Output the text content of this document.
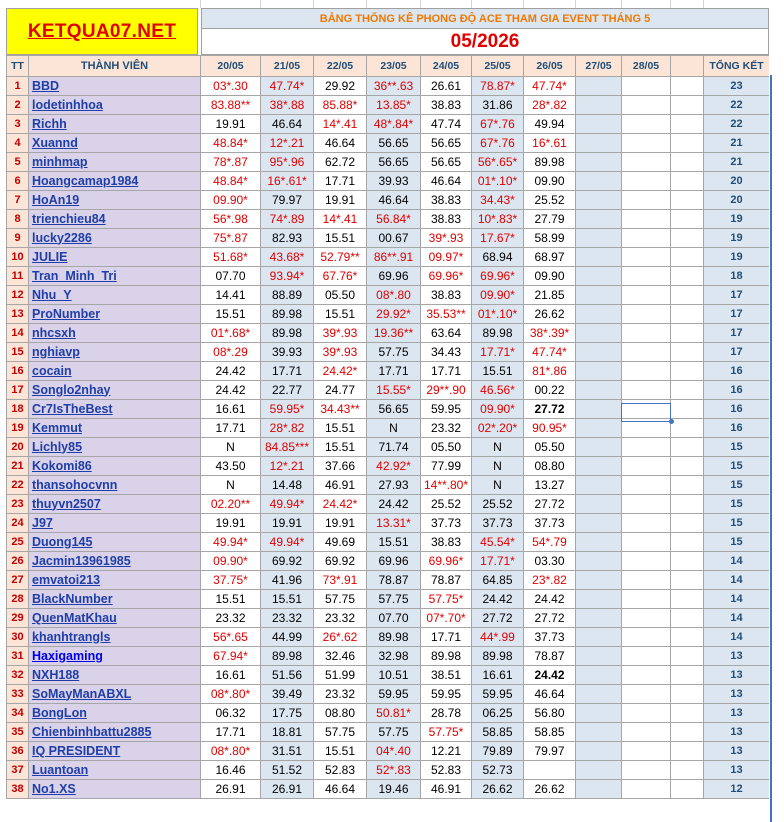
KETQUA07.NET
BẢNG THỐNG KÊ PHONG ĐỘ ACE THAM GIA EVENT THÁNG 5
05/2026
TT	THÀNH VIÊN	20/05	21/05	22/05	23/05	24/05	25/05	26/05	27/05	28/05		TỔNG KẾT
1	BBD	03*.30	47.74*	29.92	36**.63	26.61	78.87*	47.74*				23
2	lodetinhhoa	83.88**	38*.88	85.88*	13.85*	38.83	31.86	28*.82				22
3	Richh	19.91	46.64	14*.41	48*.84*	47.74	67*.76	49.94				22
4	Xuannd	48.84*	12*.21	46.64	56.65	56.65	67*.76	16*.61				21
5	minhmap	78*.87	95*.96	62.72	56.65	56.65	56*.65*	89.98				21
6	Hoangcamap1984	48.84*	16*.61*	17.71	39.93	46.64	01*.10*	09.90				20
7	HoAn19	09.90*	79.97	19.91	46.64	38.83	34.43*	25.52				20
8	trienchieu84	56*.98	74*.89	14*.41	56.84*	38.83	10*.83*	27.79				19
9	lucky2286	75*.87	82.93	15.51	00.67	39*.93	17.67*	58.99				19
10	JULIE	51.68*	43.68*	52.79**	86**.91	09.97*	68.94	68.97				19
11	Tran_Minh_Tri	07.70	93.94*	67.76*	69.96	69.96*	69.96*	09.90				18
12	Nhu_Y	14.41	88.89	05.50	08*.80	38.83	09.90*	21.85				17
13	ProNumber	15.51	89.98	15.51	29.92*	35.53**	01*.10*	26.62				17
14	nhcsxh	01*.68*	89.98	39*.93	19.36**	63.64	89.98	38*.39*				17
15	nghiavp	08*.29	39.93	39*.93	57.75	34.43	17.71*	47.74*				17
16	cocain	24.42	17.71	24.42*	17.71	17.71	15.51	81*.86				16
17	Songlo2nhay	24.42	22.77	24.77	15.55*	29**.90	46.56*	00.22				16
18	Cr7IsTheBest	16.61	59.95*	34.43**	56.65	59.95	09.90*	27.72				16
19	Kemmut	17.71	28*.82	15.51	N	23.32	02*.20*	90.95*				16
20	Lichly85	N	84.85***	15.51	71.74	05.50	N	05.50				15
21	Kokomi86	43.50	12*.21	37.66	42.92*	77.99	N	08.80				15
22	thansohocvnn	N	14.48	46.91	27.93	14**.80*	N	13.27				15
23	thuyvn2507	02.20**	49.94*	24.42*	24.42	25.52	25.52	27.72				15
24	J97	19.91	19.91	19.91	13.31*	37.73	37.73	37.73				15
25	Duong145	49.94*	49.94*	49.69	15.51	38.83	45.54*	54*.79				15
26	Jacmin13961985	09.90*	69.92	69.92	69.96	69.96*	17.71*	03.30				14
27	emvatoi213	37.75*	41.96	73*.91	78.87	78.87	64.85	23*.82				14
28	BlackNumber	15.51	15.51	57.75	57.75	57.75*	24.42	24.42				14
29	QuenMatKhau	23.32	23.32	23.32	07.70	07*.70*	27.72	27.72				14
30	khanhtrangls	56*.65	44.99	26*.62	89.98	17.71	44*.99	37.73				14
31	Haxigaming	67.94*	89.98	32.46	32.98	89.98	89.98	78.87				13
32	NXH188	16.61	51.56	51.99	10.51	38.51	16.61	24.42				13
33	SoMayManABXL	08*.80*	39.49	23.32	59.95	59.95	59.95	46.64				13
34	BongLon	06.32	17.75	08.80	50.81*	28.78	06.25	56.80				13
35	Chienbinhbattu2885	17.71	18.81	57.75	57.75	57.75*	58.85	58.85				13
36	IQ PRESIDENT	08*.80*	31.51	15.51	04*.40	12.21	79.89	79.97				13
37	Luantoan	16.46	51.52	52.83	52*.83	52.83	52.73					13
38	No1.XS	26.91	26.91	46.64	19.46	46.91	26.62	26.62				12
